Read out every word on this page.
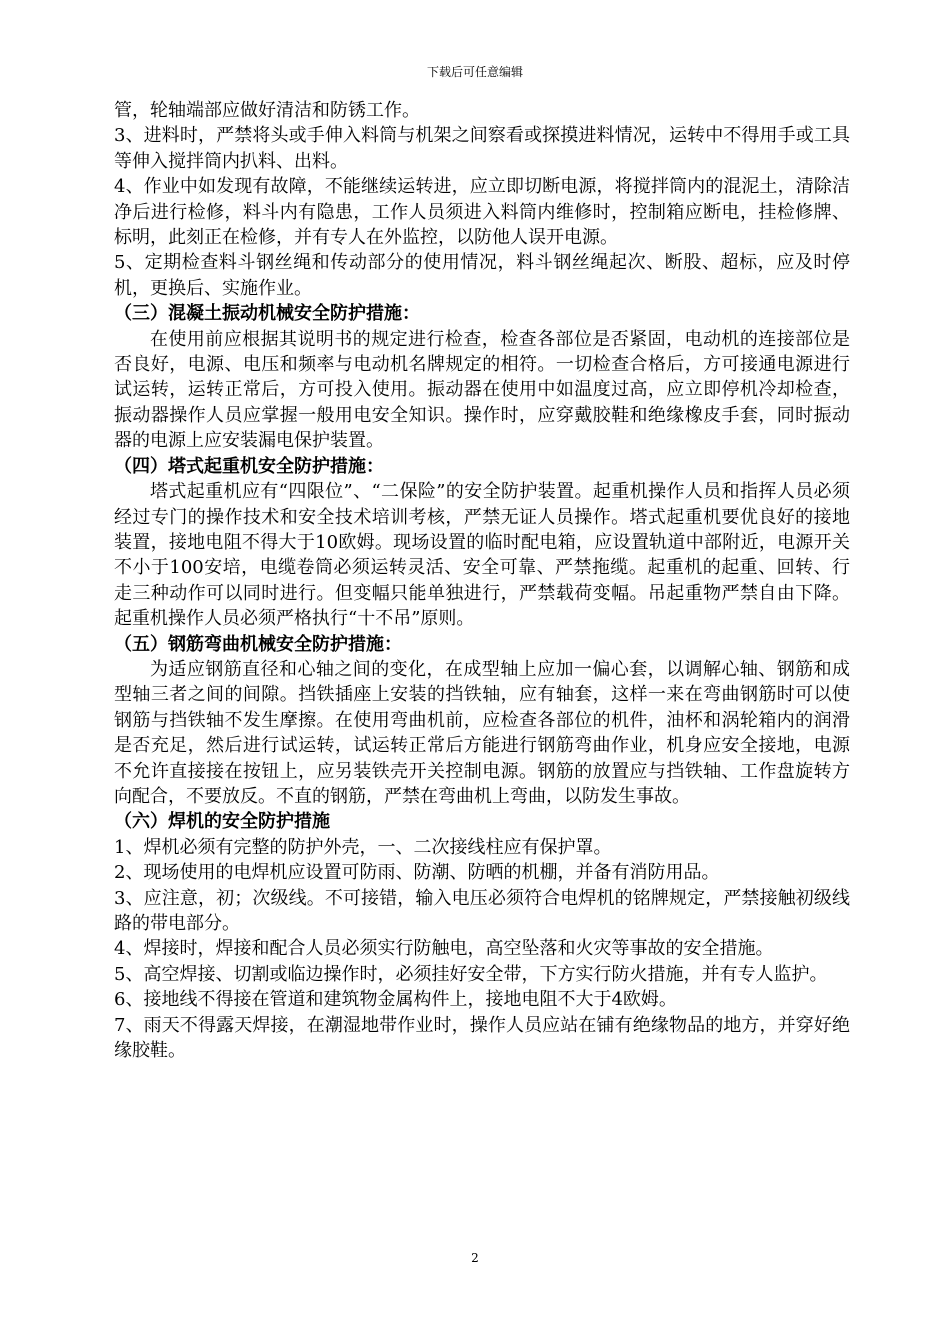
下载后可任意编辑

管，轮轴端部应做好清洁和防锈工作。

3、进料时，严禁将头或手伸入料筒与机架之间察看或探摸进料情况，运转中不得用手或工具等伸入搅拌筒内扒料、出料。

4、作业中如发现有故障，不能继续运转进，应立即切断电源，将搅拌筒内的混泥土，清除洁净后进行检修，料斗内有隐患，工作人员须进入料筒内维修时，控制箱应断电，挂检修牌、标明，此刻正在检修，并有专人在外监控，以防他人误开电源。

5、定期检查料斗钢丝绳和传动部分的使用情况，料斗钢丝绳起次、断股、超标，应及时停机，更换后、实施作业。

（三）混凝土振动机械安全防护措施：

在使用前应根据其说明书的规定进行检查，检查各部位是否紧固，电动机的连接部位是否良好，电源、电压和频率与电动机名牌规定的相符。一切检查合格后，方可接通电源进行试运转，运转正常后，方可投入使用。振动器在使用中如温度过高，应立即停机冷却检查，振动器操作人员应掌握一般用电安全知识。操作时，应穿戴胶鞋和绝缘橡皮手套，同时振动器的电源上应安装漏电保护装置。

（四）塔式起重机安全防护措施：

塔式起重机应有“四限位”、“二保险”的安全防护装置。起重机操作人员和指挥人员必须经过专门的操作技术和安全技术培训考核，严禁无证人员操作。塔式起重机要优良好的接地装置，接地电阻不得大于10欧姆。现场设置的临时配电箱，应设置轨道中部附近，电源开关不小于100安培，电缆卷筒必须运转灵活、安全可靠、严禁拖缆。起重机的起重、回转、行走三种动作可以同时进行。但变幅只能单独进行，严禁载荷变幅。吊起重物严禁自由下降。起重机操作人员必须严格执行“十不吊”原则。

（五）钢筋弯曲机械安全防护措施：

为适应钢筋直径和心轴之间的变化，在成型轴上应加一偏心套，以调解心轴、钢筋和成型轴三者之间的间隙。挡铁插座上安装的挡铁轴，应有轴套，这样一来在弯曲钢筋时可以使钢筋与挡铁轴不发生摩擦。在使用弯曲机前，应检查各部位的机件，油杯和涡轮箱内的润滑是否充足，然后进行试运转，试运转正常后方能进行钢筋弯曲作业，机身应安全接地，电源不允许直接接在按钮上，应另装铁壳开关控制电源。钢筋的放置应与挡铁轴、工作盘旋转方向配合，不要放反。不直的钢筋，严禁在弯曲机上弯曲，以防发生事故。

（六）焊机的安全防护措施

1、焊机必须有完整的防护外壳，一、二次接线柱应有保护罩。

2、现场使用的电焊机应设置可防雨、防潮、防晒的机棚，并备有消防用品。

3、应注意，初；次级线。不可接错，输入电压必须符合电焊机的铭牌规定，严禁接触初级线路的带电部分。

4、焊接时，焊接和配合人员必须实行防触电，高空坠落和火灾等事故的安全措施。

5、高空焊接、切割或临边操作时，必须挂好安全带，下方实行防火措施，并有专人监护。

6、接地线不得接在管道和建筑物金属构件上，接地电阻不大于4欧姆。

7、雨天不得露天焊接，在潮湿地带作业时，操作人员应站在铺有绝缘物品的地方，并穿好绝缘胶鞋。

2
